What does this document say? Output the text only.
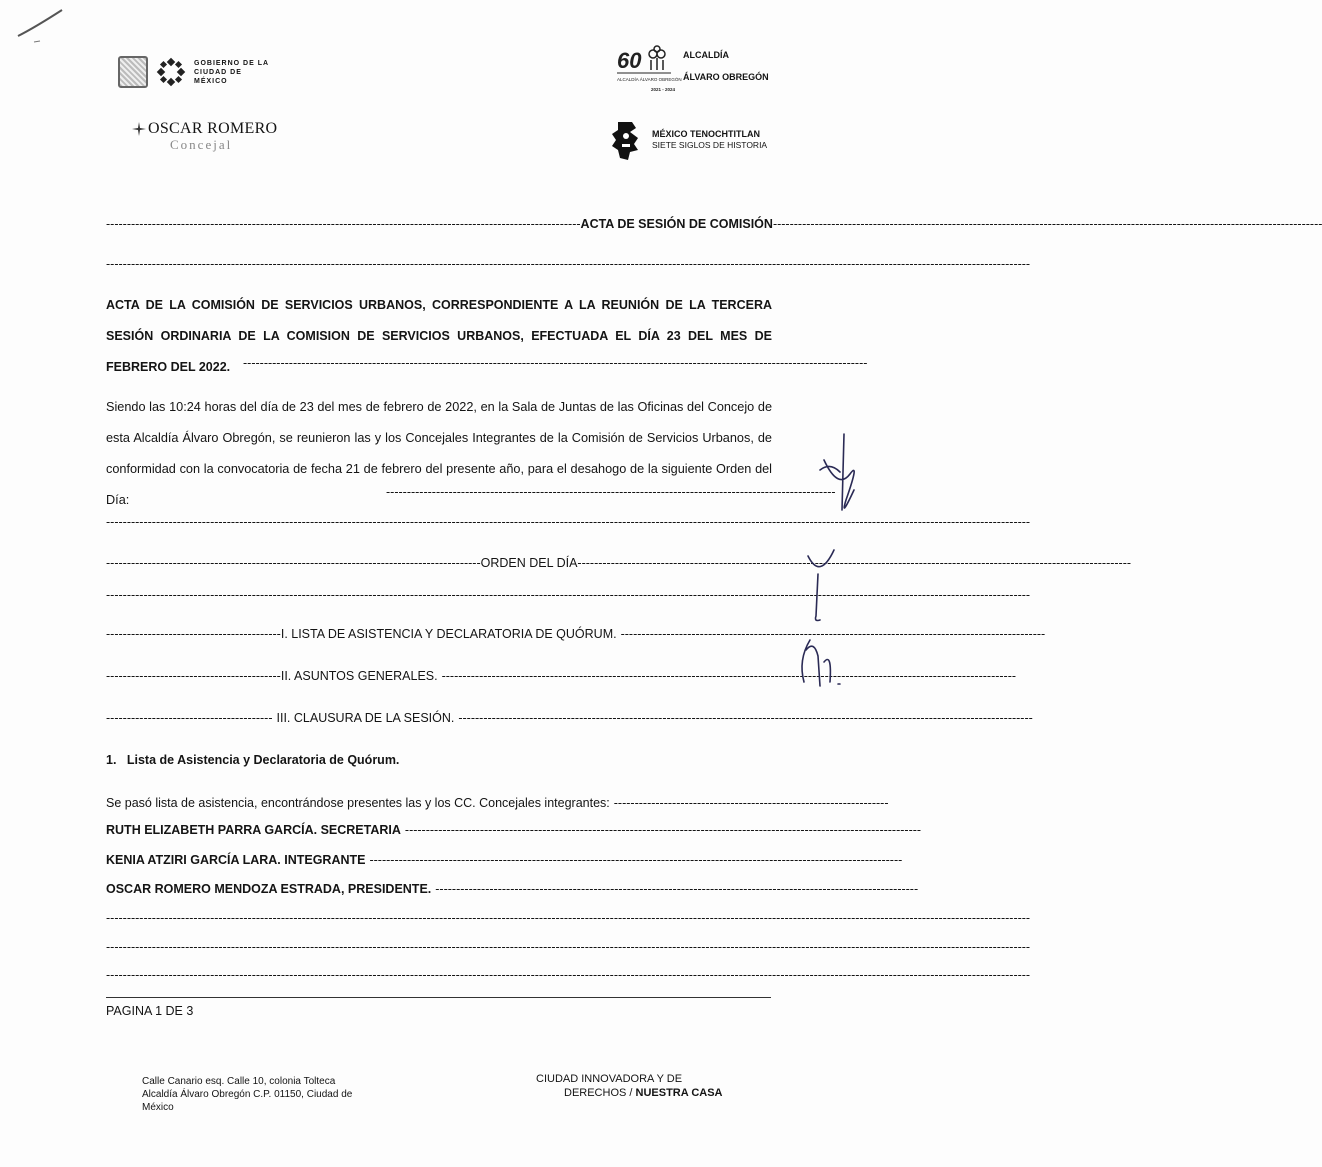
GOBIERNO DE LA
CIUDAD DE MÉXICO
OSCAR ROMERO
Concejal
60
ALCALDÍA ÁLVARO OBREGÓN
2021 - 2024
ALCALDÍA
ÁLVARO OBREGÓN
MÉXICO TENOCHTITLAN
SIETE SIGLOS DE HISTORIA
------------------------------------------------------------------------------------------------------------------ ACTA DE SESIÓN DE COMISIÓN ------------------------------------------------------------------------------------------------------------------------------------
------------------------------------------------------------------------------------------------------------------------------------------------------------------------------------------------------------------------------
ACTA DE LA COMISIÓN DE SERVICIOS URBANOS, CORRESPONDIENTE A LA REUNIÓN DE LA TERCERA SESIÓN ORDINARIA DE LA COMISION DE SERVICIOS URBANOS, EFECTUADA EL DÍA 23 DEL MES DE FEBRERO DEL 2022.	------------------------------------------------------------------------------------------------------------------------------------------------------
Siendo las 10:24 horas del día de 23 del mes de febrero de 2022, en la Sala de Juntas de las Oficinas del Concejo de esta Alcaldía Álvaro Obregón, se reunieron las y los Concejales Integrantes de la Comisión de Servicios Urbanos, de conformidad con la convocatoria de fecha 21 de febrero del presente año, para el desahogo de la siguiente Orden del Día:
------------------------------------------------------------------------------------------------------------
------------------------------------------------------------------------------------------------------------------------------------------------------------------------------------------------------------------------------
------------------------------------------------------------------------------------------ ORDEN DEL DÍA -------------------------------------------------------------------------------------------------------------------------------------
------------------------------------------------------------------------------------------------------------------------------------------------------------------------------------------------------------------------------
------------------------------------------ I. LISTA DE ASISTENCIA Y DECLARATORIA DE QUÓRUM. ------------------------------------------------------------------------------------------------------
------------------------------------------ II. ASUNTOS GENERALES. ------------------------------------------------------------------------------------------------------------------------------------------
---------------------------------------- III. CLAUSURA DE LA SESIÓN. ------------------------------------------------------------------------------------------------------------------------------------------
1. Lista de Asistencia y Declaratoria de Quórum.
Se pasó lista de asistencia, encontrándose presentes las y los CC. Concejales integrantes: ------------------------------------------------------------------
RUTH ELIZABETH PARRA GARCÍA. SECRETARIA ----------------------------------------------------------------------------------------------------------------------------
KENIA ATZIRI GARCÍA LARA. INTEGRANTE --------------------------------------------------------------------------------------------------------------------------------
OSCAR ROMERO MENDOZA ESTRADA, PRESIDENTE. --------------------------------------------------------------------------------------------------------------------
------------------------------------------------------------------------------------------------------------------------------------------------------------------------------------------------------------------------------
------------------------------------------------------------------------------------------------------------------------------------------------------------------------------------------------------------------------------
------------------------------------------------------------------------------------------------------------------------------------------------------------------------------------------------------------------------------
PAGINA 1 DE 3
Calle Canario esq. Calle 10, colonia Tolteca
Alcaldía Álvaro Obregón C.P. 01150, Ciudad de
México
CIUDAD INNOVADORA Y DE
DERECHOS / NUESTRA CASA
